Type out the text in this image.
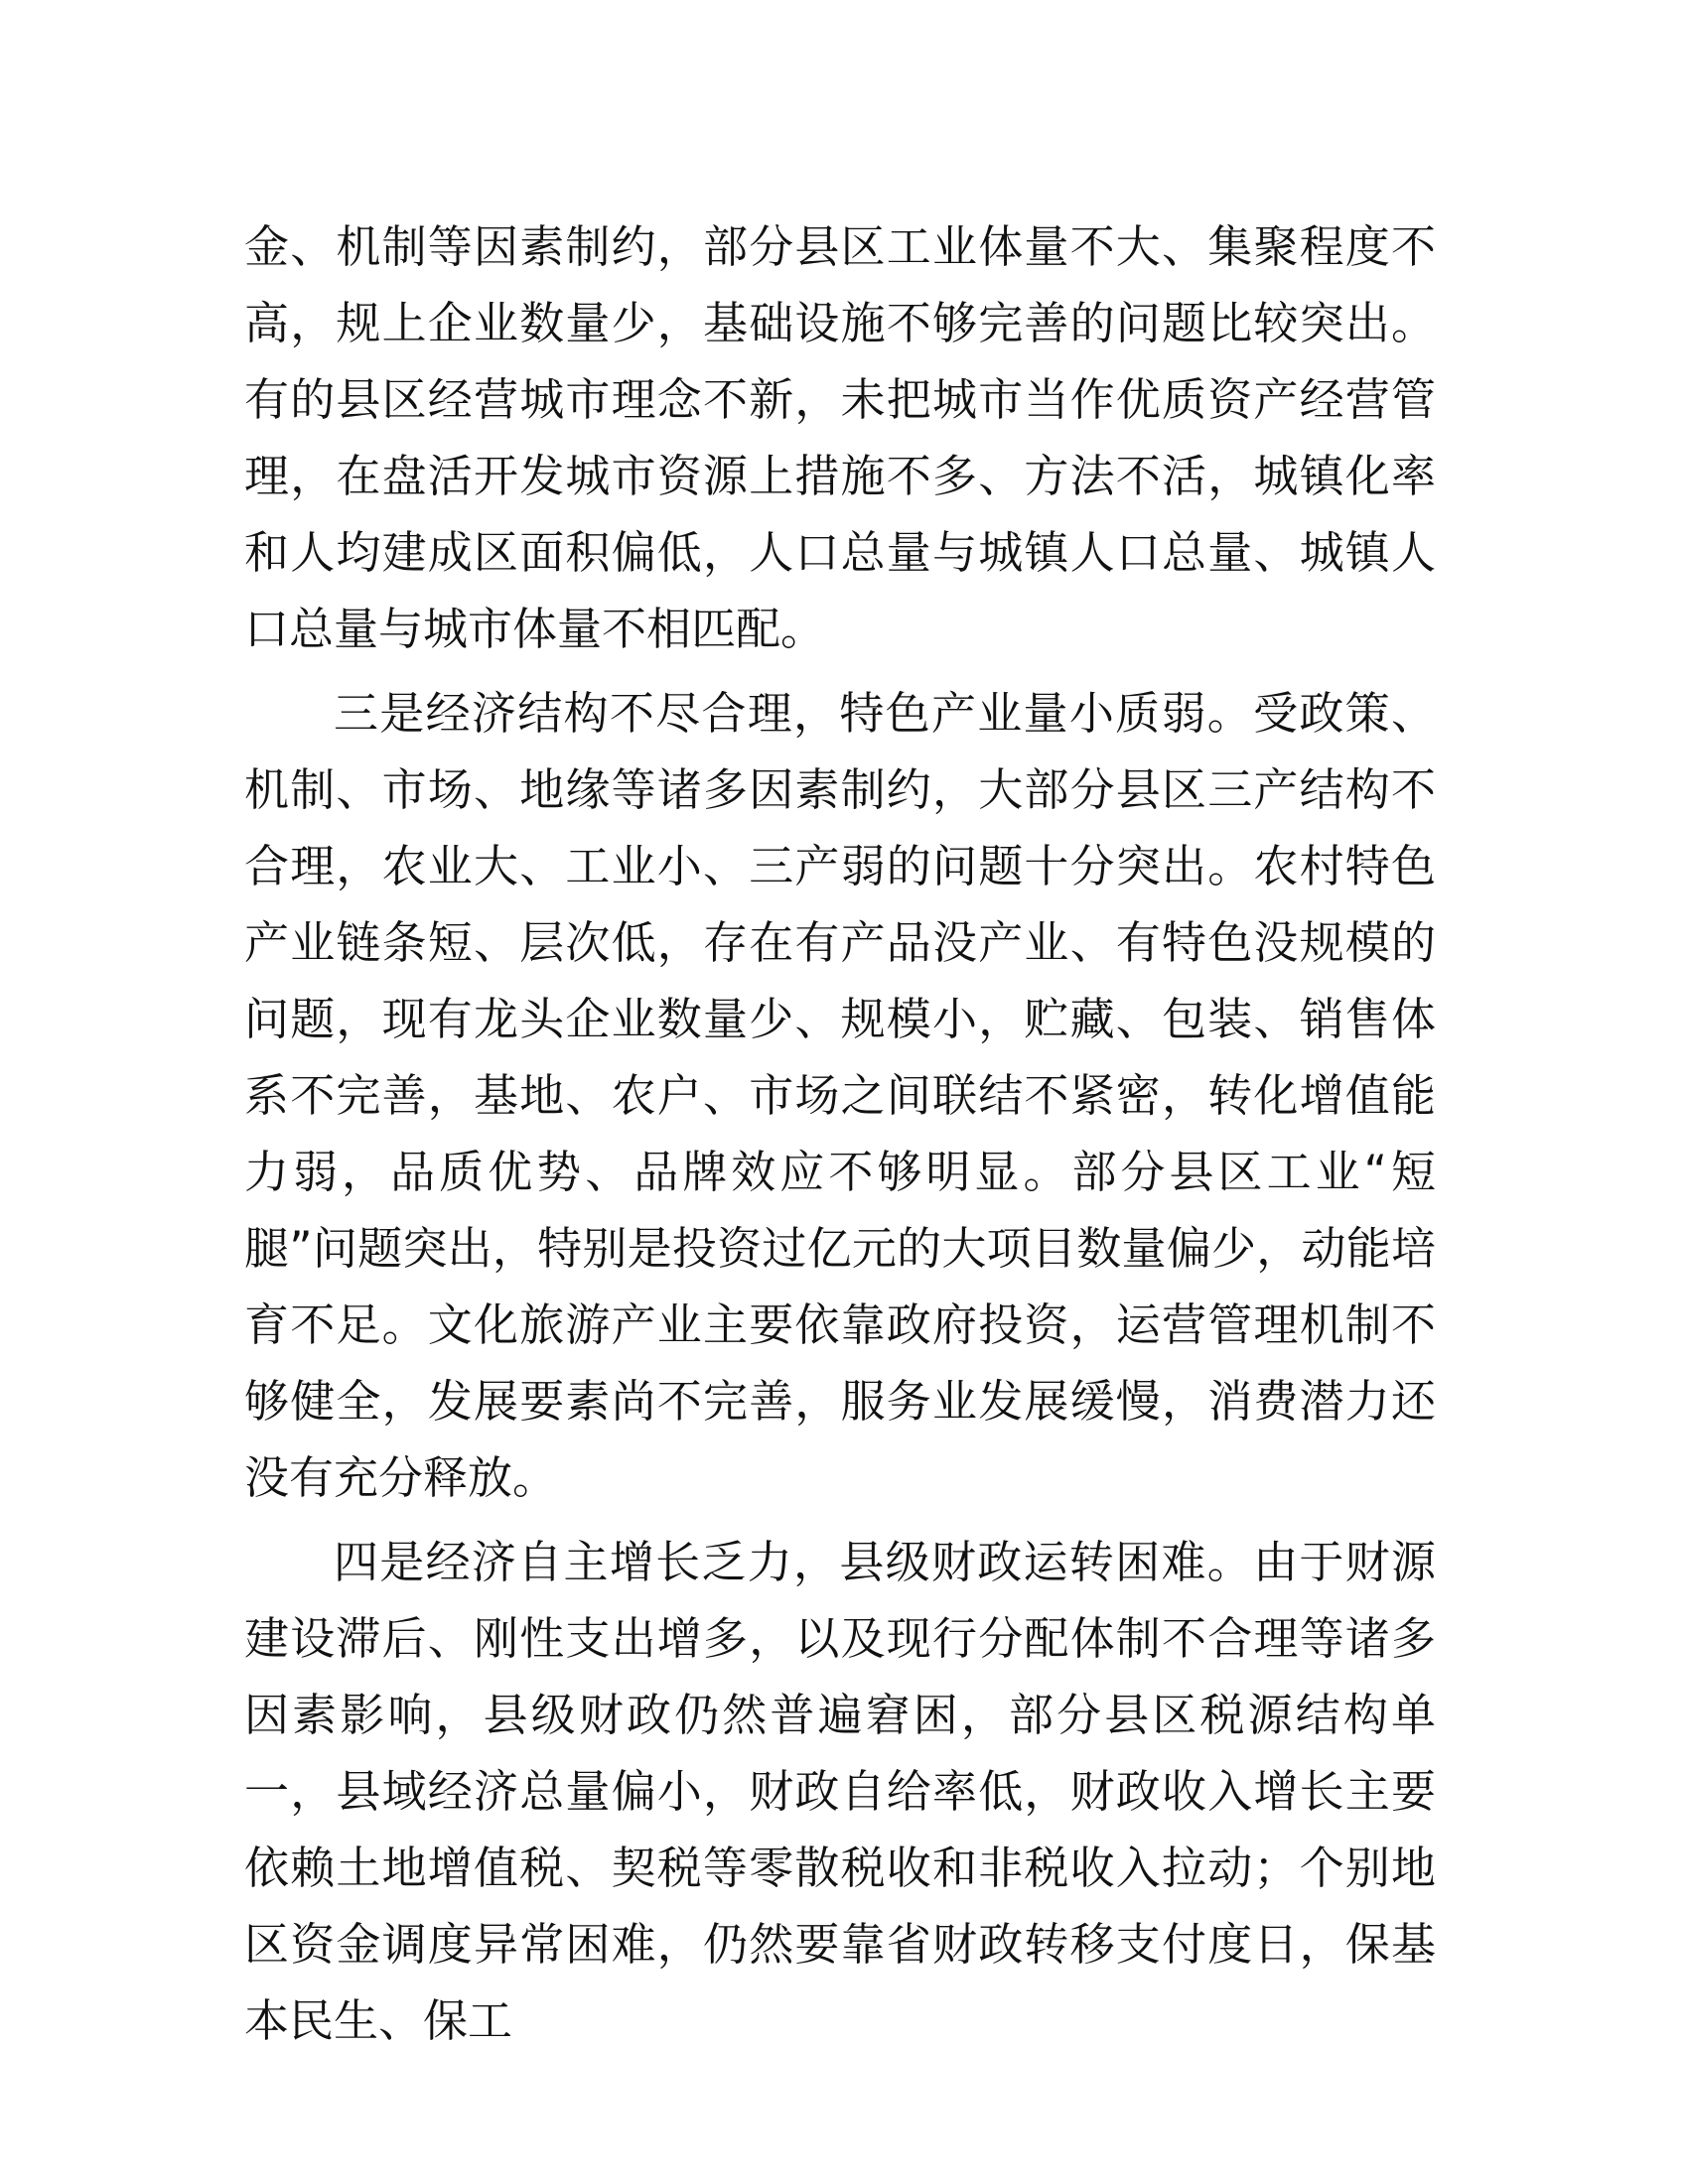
金、机制等因素制约，部分县区工业体量不大、集聚程度不高，规上企业数量少，基础设施不够完善的问题比较突出。有的县区经营城市理念不新，未把城市当作优质资产经营管理，在盘活开发城市资源上措施不多、方法不活，城镇化率和人均建成区面积偏低，人口总量与城镇人口总量、城镇人口总量与城市体量不相匹配。

三是经济结构不尽合理，特色产业量小质弱。受政策、机制、市场、地缘等诸多因素制约，大部分县区三产结构不合理，农业大、工业小、三产弱的问题十分突出。农村特色产业链条短、层次低，存在有产品没产业、有特色没规模的问题，现有龙头企业数量少、规模小，贮藏、包装、销售体系不完善，基地、农户、市场之间联结不紧密，转化增值能力弱，品质优势、品牌效应不够明显。部分县区工业“短腿”问题突出，特别是投资过亿元的大项目数量偏少，动能培育不足。文化旅游产业主要依靠政府投资，运营管理机制不够健全，发展要素尚不完善，服务业发展缓慢，消费潜力还没有充分释放。

四是经济自主增长乏力，县级财政运转困难。由于财源建设滞后、刚性支出增多，以及现行分配体制不合理等诸多因素影响，县级财政仍然普遍窘困，部分县区税源结构单一，县域经济总量偏小，财政自给率低，财政收入增长主要依赖土地增值税、契税等零散税收和非税收入拉动；个别地区资金调度异常困难，仍然要靠省财政转移支付度日，保基本民生、保工
